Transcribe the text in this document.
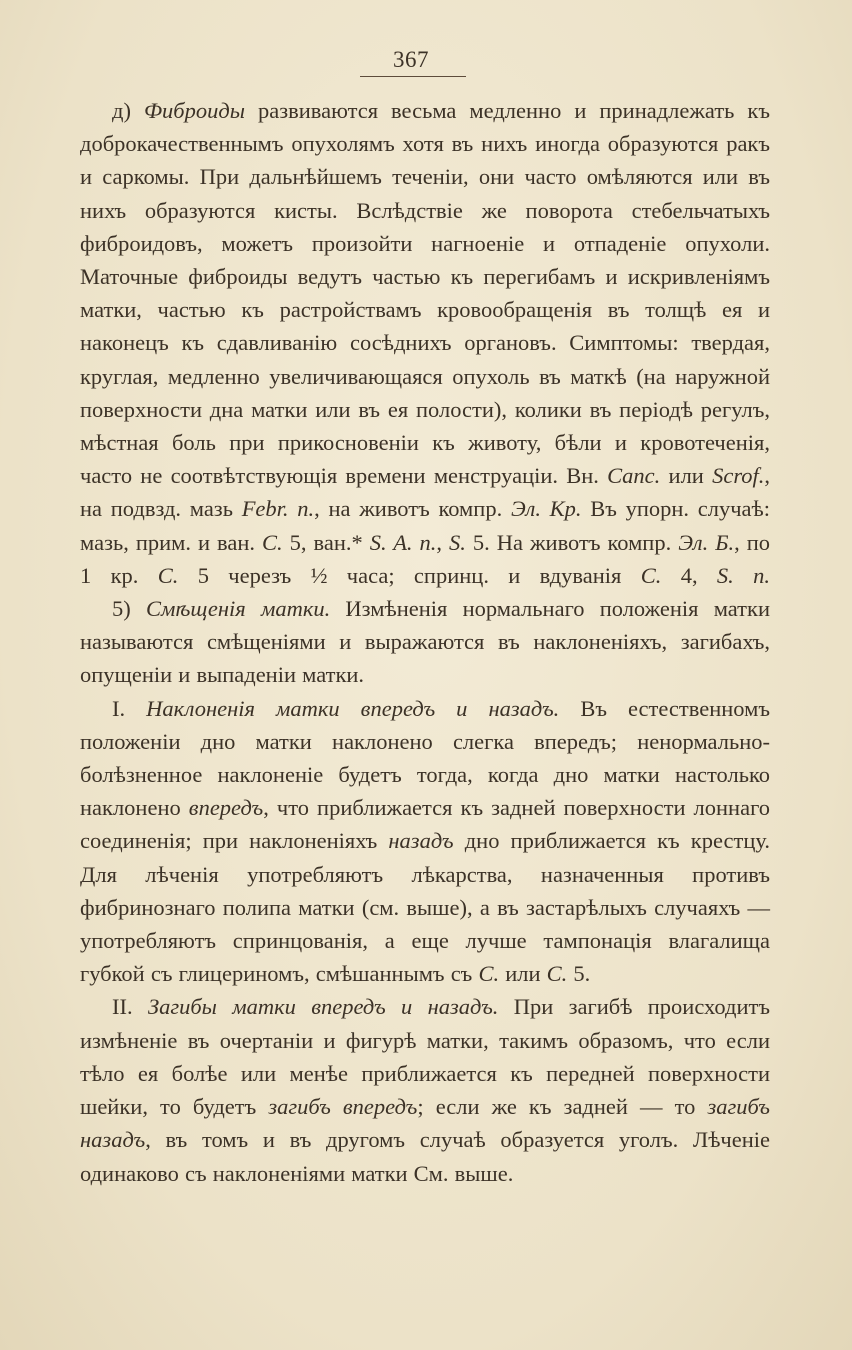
367

д) Фиброиды развиваются весьма медленно и принадлежать къ доброкачественнымъ опухолямъ хотя въ нихъ иногда образуются ракъ и саркомы. При дальнѣйшемъ теченіи, они часто омѣляются или въ нихъ образуются кисты. Вслѣдствіе же поворота стебельчатыхъ фиброидовъ, можетъ произойти нагноеніе и отпаденіе опухоли. Маточные фиброиды ведутъ частью къ перегибамъ и искривленіямъ матки, частью къ растройствамъ кровообращенія въ толщѣ ея и наконецъ къ сдавливанію сосѣднихъ органовъ. Симптомы: твердая, круглая, медленно увеличивающаяся опухоль въ маткѣ (на наружной поверхности дна матки или въ ея полости), колики въ періодѣ регулъ, мѣстная боль при прикосновеніи къ животу, бѣли и кровотеченія, часто не соотвѣтствующія времени менструаціи. Вн. Canc. или Scrof., на подвзд. мазь Febr. n., на животъ компр. Эл. Кр. Въ упорн. случаѣ: мазь, прим. и ван. С. 5, ван.* S. A. n., S. 5. На животъ компр. Эл. Б., по 1 кр. С. 5 черезъ ½ часа; спринц. и вдуванія С. 4, S. n.

5) Смѣщенія матки. Измѣненія нормальнаго положенія матки называются смѣщеніями и выражаются въ наклоненіяхъ, загибахъ, опущеніи и выпаденіи матки.

I. Наклоненія матки впередъ и назадъ. Въ естественномъ положеніи дно матки наклонено слегка впередъ; ненормально-болѣзненное наклоненіе будетъ тогда, когда дно матки настолько наклонено впередъ, что приближается къ задней поверхности лоннаго соединенія; при наклоненіяхъ назадъ дно приближается къ крестцу. Для лѣченія употребляютъ лѣкарства, назначенныя противъ фибринознаго полипа матки (см. выше), а въ застарѣлыхъ случаяхъ — употребляютъ спринцованія, а еще лучше тампонація влагалища губкой съ глицериномъ, смѣшаннымъ съ С. или С. 5.

II. Загибы матки впередъ и назадъ. При загибѣ происходитъ измѣненіе въ очертаніи и фигурѣ матки, такимъ образомъ, что если тѣло ея болѣе или менѣе приближается къ передней поверхности шейки, то будетъ загибъ впередъ; если же къ задней — то загибъ назадъ, въ томъ и въ другомъ случаѣ образуется уголъ. Лѣченіе одинаково съ наклоненіями матки См. выше.
